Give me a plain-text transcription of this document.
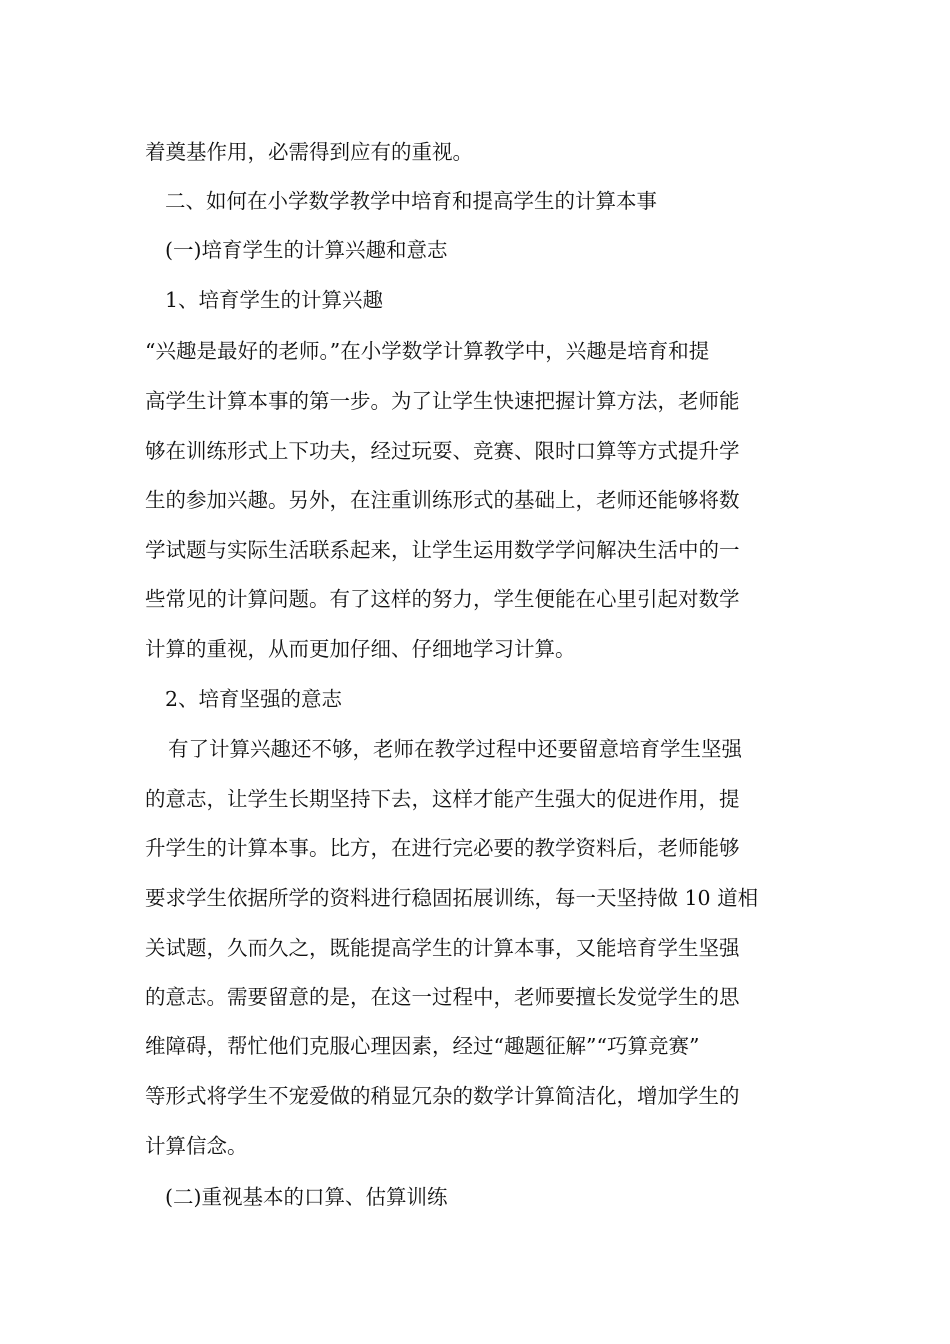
着奠基作用，必需得到应有的重视。

二、如何在小学数学教学中培育和提高学生的计算本事

(一)培育学生的计算兴趣和意志

1、培育学生的计算兴趣

“兴趣是最好的老师。”在小学数学计算教学中，兴趣是培育和提

高学生计算本事的第一步。为了让学生快速把握计算方法，老师能

够在训练形式上下功夫，经过玩耍、竞赛、限时口算等方式提升学

生的参加兴趣。另外，在注重训练形式的基础上，老师还能够将数

学试题与实际生活联系起来，让学生运用数学学问解决生活中的一

些常见的计算问题。有了这样的努力，学生便能在心里引起对数学

计算的重视，从而更加仔细、仔细地学习计算。

2、培育坚强的意志

有了计算兴趣还不够，老师在教学过程中还要留意培育学生坚强

的意志，让学生长期坚持下去，这样才能产生强大的促进作用，提

升学生的计算本事。比方，在进行完必要的教学资料后，老师能够

要求学生依据所学的资料进行稳固拓展训练，每一天坚持做 10 道相

关试题，久而久之，既能提高学生的计算本事，又能培育学生坚强

的意志。需要留意的是，在这一过程中，老师要擅长发觉学生的思

维障碍，帮忙他们克服心理因素，经过“趣题征解”“巧算竞赛”

等形式将学生不宠爱做的稍显冗杂的数学计算简洁化，增加学生的

计算信念。

(二)重视基本的口算、估算训练
